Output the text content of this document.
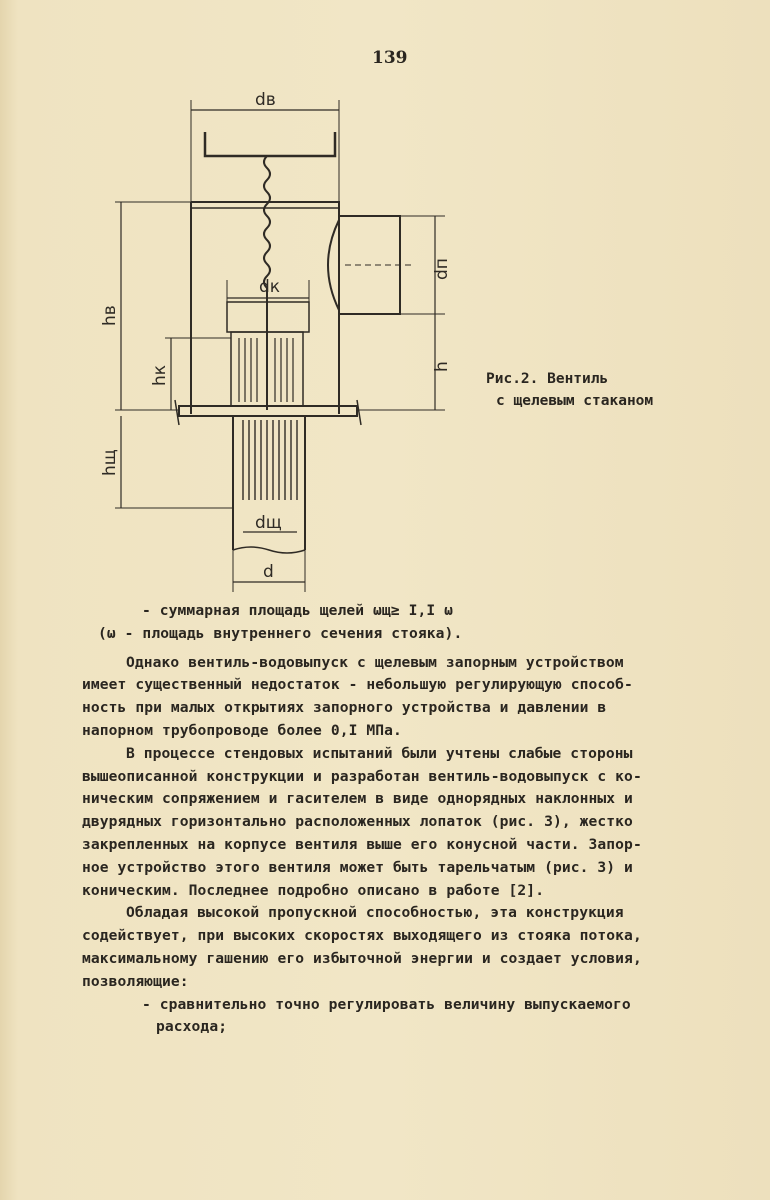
139
dв
dк
dщ
d
dп
h
hв
hк
hщ
Рис.2. Вентиль
с щелевым стаканом
- суммарная площадь щелей ωщ≥ I,I ω
(ω - площадь внутреннего сечения стояка).
Однако вентиль-водовыпуск с щелевым запорным устройством
имеет существенный недостаток - небольшую регулирующую способ-
ность при малых открытиях запорного устройства и давлении в
напорном трубопроводе более 0,I МПа.
В процессе стендовых испытаний были учтены слабые стороны
вышеописанной конструкции и разработан вентиль-водовыпуск с ко-
ническим сопряжением и гасителем в виде однорядных наклонных и
двурядных горизонтально расположенных лопаток (рис. 3), жестко
закрепленных на корпусе вентиля выше его конусной части. Запор-
ное устройство этого вентиля может быть тарельчатым (рис. 3) и
коническим. Последнее подробно описано в работе [2].
Обладая высокой пропускной способностью, эта конструкция
содействует, при высоких скоростях выходящего из стояка потока,
максимальному гашению его избыточной энергии и создает условия,
позволяющие:
- сравнительно точно регулировать величину выпускаемого
расхода;
